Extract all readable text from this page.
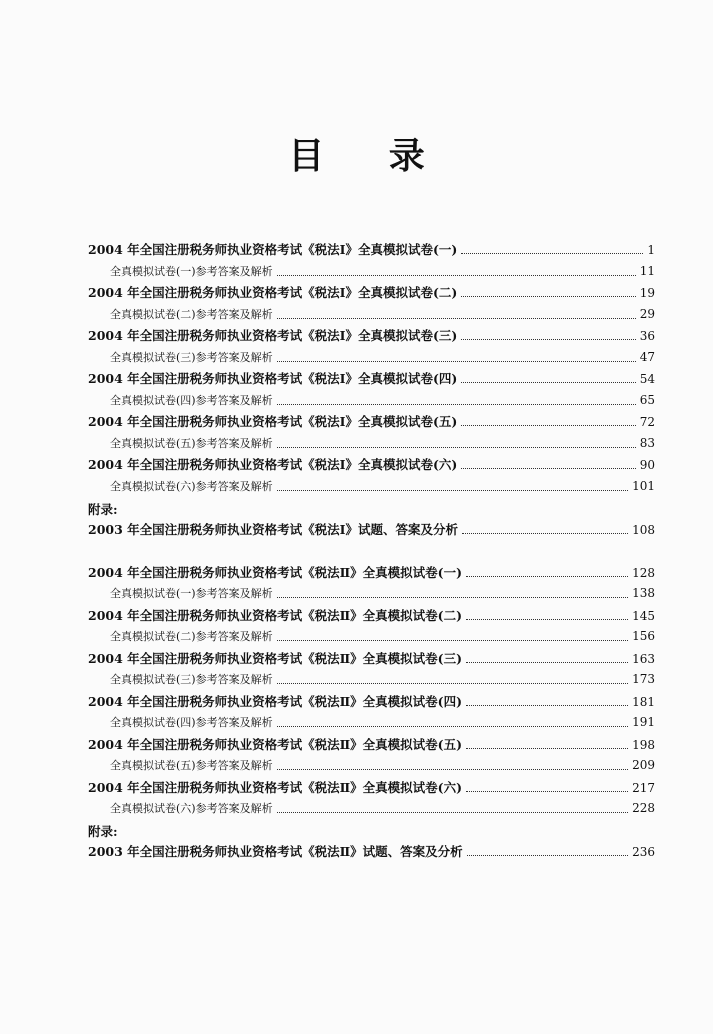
目 录
2004 年全国注册税务师执业资格考试《税法Ⅰ》全真模拟试卷(一)	1
全真模拟试卷(一)参考答案及解析	11
2004 年全国注册税务师执业资格考试《税法Ⅰ》全真模拟试卷(二)	19
全真模拟试卷(二)参考答案及解析	29
2004 年全国注册税务师执业资格考试《税法Ⅰ》全真模拟试卷(三)	36
全真模拟试卷(三)参考答案及解析	47
2004 年全国注册税务师执业资格考试《税法Ⅰ》全真模拟试卷(四)	54
全真模拟试卷(四)参考答案及解析	65
2004 年全国注册税务师执业资格考试《税法Ⅰ》全真模拟试卷(五)	72
全真模拟试卷(五)参考答案及解析	83
2004 年全国注册税务师执业资格考试《税法Ⅰ》全真模拟试卷(六)	90
全真模拟试卷(六)参考答案及解析	101
附录:
2003 年全国注册税务师执业资格考试《税法Ⅰ》试题、答案及分析	108
2004 年全国注册税务师执业资格考试《税法Ⅱ》全真模拟试卷(一)	128
全真模拟试卷(一)参考答案及解析	138
2004 年全国注册税务师执业资格考试《税法Ⅱ》全真模拟试卷(二)	145
全真模拟试卷(二)参考答案及解析	156
2004 年全国注册税务师执业资格考试《税法Ⅱ》全真模拟试卷(三)	163
全真模拟试卷(三)参考答案及解析	173
2004 年全国注册税务师执业资格考试《税法Ⅱ》全真模拟试卷(四)	181
全真模拟试卷(四)参考答案及解析	191
2004 年全国注册税务师执业资格考试《税法Ⅱ》全真模拟试卷(五)	198
全真模拟试卷(五)参考答案及解析	209
2004 年全国注册税务师执业资格考试《税法Ⅱ》全真模拟试卷(六)	217
全真模拟试卷(六)参考答案及解析	228
附录:
2003 年全国注册税务师执业资格考试《税法Ⅱ》试题、答案及分析	236
